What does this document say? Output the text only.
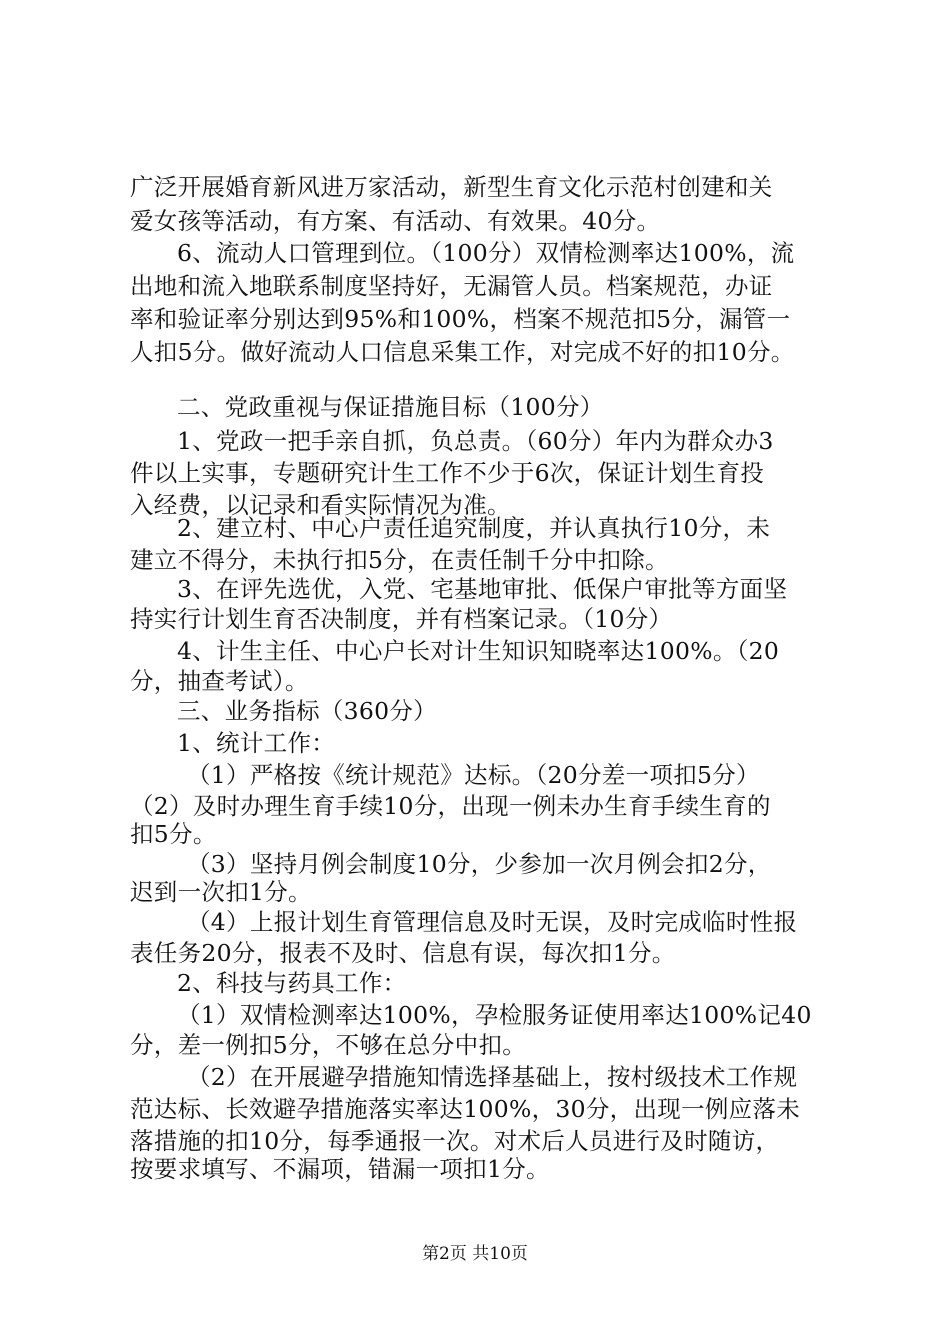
广泛开展婚育新风进万家活动，新型生育文化示范村创建和关
爱女孩等活动，有方案、有活动、有效果。40分。
6、流动人口管理到位。（100分）双情检测率达100%，流
出地和流入地联系制度坚持好，无漏管人员。档案规范，办证
率和验证率分别达到95%和100%，档案不规范扣5分，漏管一
人扣5分。做好流动人口信息采集工作，对完成不好的扣10分。
二、党政重视与保证措施目标（100分）
1、党政一把手亲自抓，负总责。（60分）年内为群众办3
件以上实事，专题研究计生工作不少于6次，保证计划生育投
入经费，以记录和看实际情况为准。
2、建立村、中心户责任追究制度，并认真执行10分，未
建立不得分，未执行扣5分，在责任制千分中扣除。
3、在评先选优，入党、宅基地审批、低保户审批等方面坚
持实行计划生育否决制度，并有档案记录。（10分）
4、计生主任、中心户长对计生知识知晓率达100%。（20
分，抽查考试）。
三、业务指标（360分）
1、统计工作：
（1）严格按《统计规范》达标。（20分差一项扣5分）
（2）及时办理生育手续10分，出现一例未办生育手续生育的
扣5分。
（3）坚持月例会制度10分，少参加一次月例会扣2分，
迟到一次扣1分。
（4）上报计划生育管理信息及时无误，及时完成临时性报
表任务20分，报表不及时、信息有误，每次扣1分。
2、科技与药具工作：
（1）双情检测率达100%，孕检服务证使用率达100%记40
分，差一例扣5分，不够在总分中扣。
（2）在开展避孕措施知情选择基础上，按村级技术工作规
范达标、长效避孕措施落实率达100%，30分，出现一例应落未
落措施的扣10分，每季通报一次。对术后人员进行及时随访，
按要求填写、不漏项，错漏一项扣1分。
第2页 共10页
